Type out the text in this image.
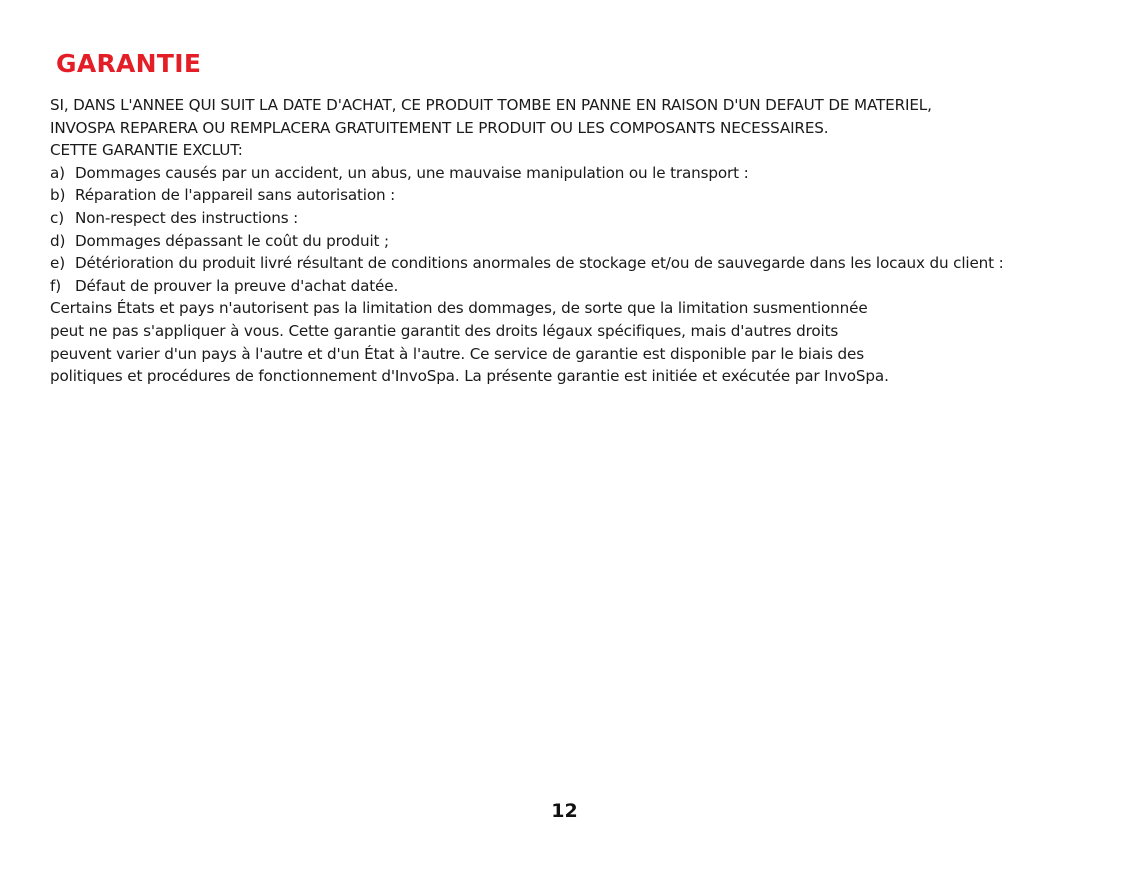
GARANTIE
SI, DANS L'ANNEE QUI SUIT LA DATE D'ACHAT, CE PRODUIT TOMBE EN PANNE EN RAISON D'UN DEFAUT DE MATERIEL,
INVOSPA REPARERA OU REMPLACERA GRATUITEMENT LE PRODUIT OU LES COMPOSANTS NECESSAIRES.
CETTE GARANTIE EXCLUT:
a) Dommages causés par un accident, un abus, une mauvaise manipulation ou le transport :
b) Réparation de l'appareil sans autorisation :
c) Non-respect des instructions :
d) Dommages dépassant le coût du produit ;
e) Détérioration du produit livré résultant de conditions anormales de stockage et/ou de sauvegarde dans les locaux du client :
f) Défaut de prouver la preuve d'achat datée.
Certains États et pays n'autorisent pas la limitation des dommages, de sorte que la limitation susmentionnée
peut ne pas s'appliquer à vous. Cette garantie garantit des droits légaux spécifiques, mais d'autres droits
peuvent varier d'un pays à l'autre et d'un État à l'autre. Ce service de garantie est disponible par le biais des
politiques et procédures de fonctionnement d'InvoSpa. La présente garantie est initiée et exécutée par InvoSpa.
12
